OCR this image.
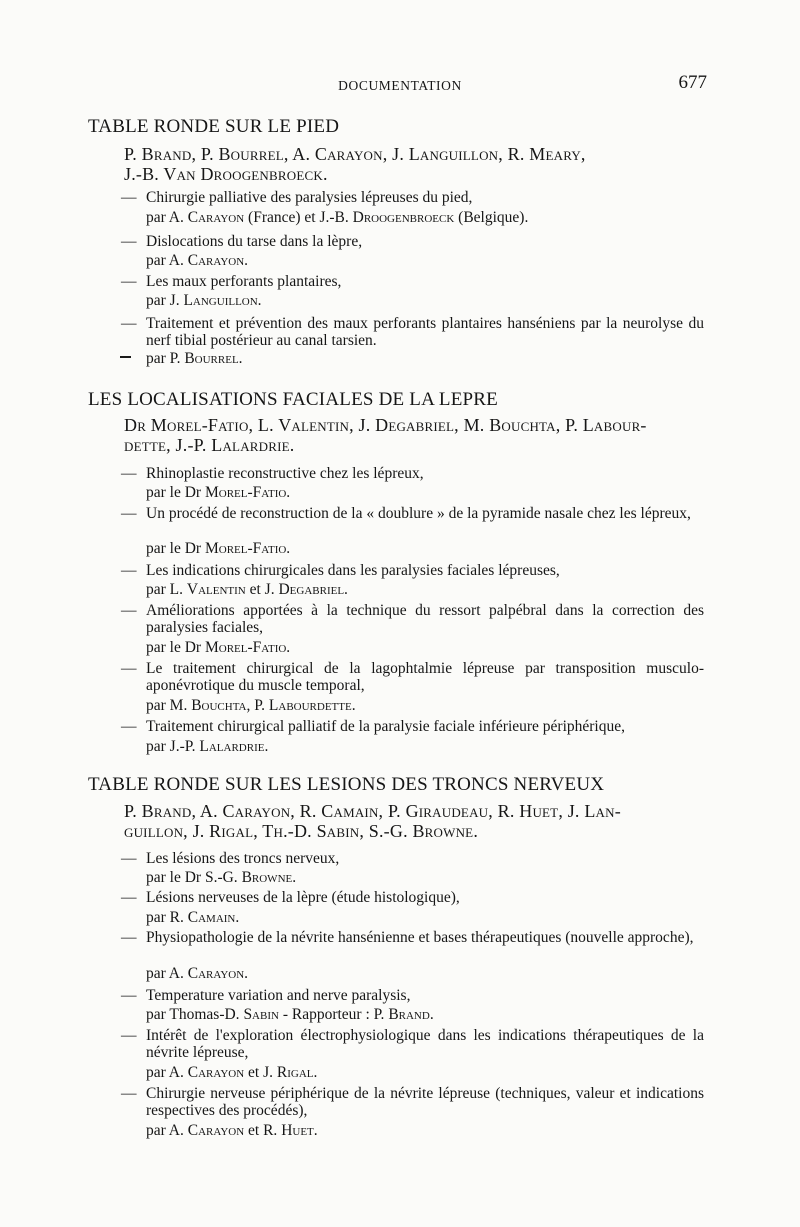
DOCUMENTATION	677
TABLE RONDE SUR LE PIED
P. Brand, P. Bourrel, A. Carayon, J. Languillon, R. Meary,
J.-B. Van Droogenbroeck.
— Chirurgie palliative des paralysies lépreuses du pied,
par A. Carayon (France) et J.-B. Droogenbroeck (Belgique).
— Dislocations du tarse dans la lèpre,
par A. Carayon.
— Les maux perforants plantaires,
par J. Languillon.
— Traitement et prévention des maux perforants plantaires hanséniens par la neurolyse du nerf tibial postérieur au canal tarsien.
par P. Bourrel.
LES LOCALISATIONS FACIALES DE LA LEPRE
Dr Morel-Fatio, L. Valentin, J. Degabriel, M. Bouchta, P. Labour-
dette, J.-P. Lalardrie.
— Rhinoplastie reconstructive chez les lépreux,
par le Dr Morel-Fatio.
— Un procédé de reconstruction de la « doublure » de la pyramide nasale chez les lépreux,
par le Dr Morel-Fatio.
— Les indications chirurgicales dans les paralysies faciales lépreuses,
par L. Valentin et J. Degabriel.
— Améliorations apportées à la technique du ressort palpébral dans la correction des paralysies faciales,
par le Dr Morel-Fatio.
— Le traitement chirurgical de la lagophtalmie lépreuse par transposition musculo-aponévrotique du muscle temporal,
par M. Bouchta, P. Labourdette.
— Traitement chirurgical palliatif de la paralysie faciale inférieure périphérique,
par J.-P. Lalardrie.
TABLE RONDE SUR LES LESIONS DES TRONCS NERVEUX
P. Brand, A. Carayon, R. Camain, P. Giraudeau, R. Huet, J. Lan-
guillon, J. Rigal, Th.-D. Sabin, S.-G. Browne.
— Les lésions des troncs nerveux,
par le Dr S.-G. Browne.
— Lésions nerveuses de la lèpre (étude histologique),
par R. Camain.
— Physiopathologie de la névrite hansénienne et bases thérapeutiques (nouvelle approche),
par A. Carayon.
— Temperature variation and nerve paralysis,
par Thomas-D. Sabin - Rapporteur : P. Brand.
— Intérêt de l'exploration électrophysiologique dans les indications thérapeutiques de la névrite lépreuse,
par A. Carayon et J. Rigal.
— Chirurgie nerveuse périphérique de la névrite lépreuse (techniques, valeur et indications respectives des procédés),
par A. Carayon et R. Huet.
